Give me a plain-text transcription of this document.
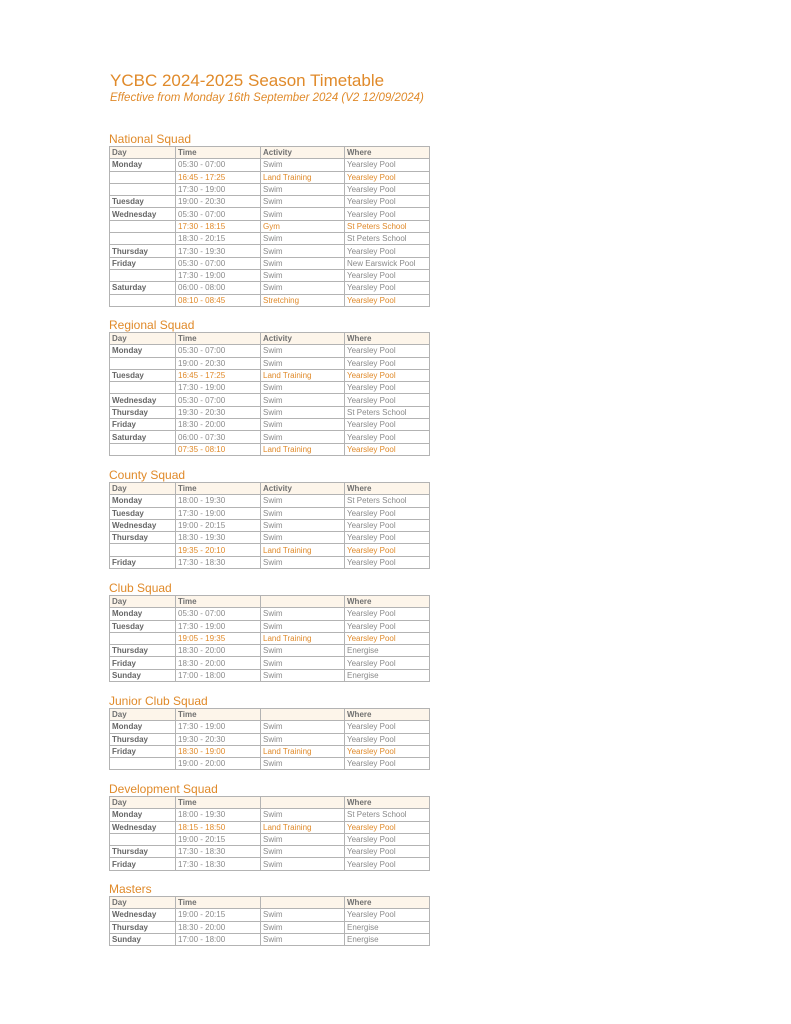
YCBC 2024-2025 Season Timetable
Effective from Monday 16th September 2024 (V2 12/09/2024)
National Squad
Day	Time	Activity	Where
Monday	05:30 - 07:00	Swim	Yearsley Pool
	16:45 - 17:25	Land Training	Yearsley Pool
	17:30 - 19:00	Swim	Yearsley Pool
Tuesday	19:00 - 20:30	Swim	Yearsley Pool
Wednesday	05:30 - 07:00	Swim	Yearsley Pool
	17:30 - 18:15	Gym	St Peters School
	18:30 - 20:15	Swim	St Peters School
Thursday	17:30 - 19:30	Swim	Yearsley Pool
Friday	05:30 - 07:00	Swim	New Earswick Pool
	17:30 - 19:00	Swim	Yearsley Pool
Saturday	06:00 - 08:00	Swim	Yearsley Pool
	08:10 - 08:45	Stretching	Yearsley Pool
Regional Squad
Day	Time	Activity	Where
Monday	05:30 - 07:00	Swim	Yearsley Pool
	19:00 - 20:30	Swim	Yearsley Pool
Tuesday	16:45 - 17:25	Land Training	Yearsley Pool
	17:30 - 19:00	Swim	Yearsley Pool
Wednesday	05:30 - 07:00	Swim	Yearsley Pool
Thursday	19:30 - 20:30	Swim	St Peters School
Friday	18:30 - 20:00	Swim	Yearsley Pool
Saturday	06:00 - 07:30	Swim	Yearsley Pool
	07:35 - 08:10	Land Training	Yearsley Pool
County Squad
Day	Time	Activity	Where
Monday	18:00 - 19:30	Swim	St Peters School
Tuesday	17:30 - 19:00	Swim	Yearsley Pool
Wednesday	19:00 - 20:15	Swim	Yearsley Pool
Thursday	18:30 - 19:30	Swim	Yearsley Pool
	19:35 - 20:10	Land Training	Yearsley Pool
Friday	17:30 - 18:30	Swim	Yearsley Pool
Club Squad
Day	Time		Where
Monday	05:30 - 07:00	Swim	Yearsley Pool
Tuesday	17:30 - 19:00	Swim	Yearsley Pool
	19:05 - 19:35	Land Training	Yearsley Pool
Thursday	18:30 - 20:00	Swim	Energise
Friday	18:30 - 20:00	Swim	Yearsley Pool
Sunday	17:00 - 18:00	Swim	Energise
Junior Club Squad
Day	Time		Where
Monday	17:30 - 19:00	Swim	Yearsley Pool
Thursday	19:30 - 20:30	Swim	Yearsley Pool
Friday	18:30 - 19:00	Land Training	Yearsley Pool
	19:00 - 20:00	Swim	Yearsley Pool
Development Squad
Day	Time		Where
Monday	18:00 - 19:30	Swim	St Peters School
Wednesday	18:15 - 18:50	Land Training	Yearsley Pool
	19:00 - 20:15	Swim	Yearsley Pool
Thursday	17:30 - 18:30	Swim	Yearsley Pool
Friday	17:30 - 18:30	Swim	Yearsley Pool
Masters
Day	Time		Where
Wednesday	19:00 - 20:15	Swim	Yearsley Pool
Thursday	18:30 - 20:00	Swim	Energise
Sunday	17:00 - 18:00	Swim	Energise
